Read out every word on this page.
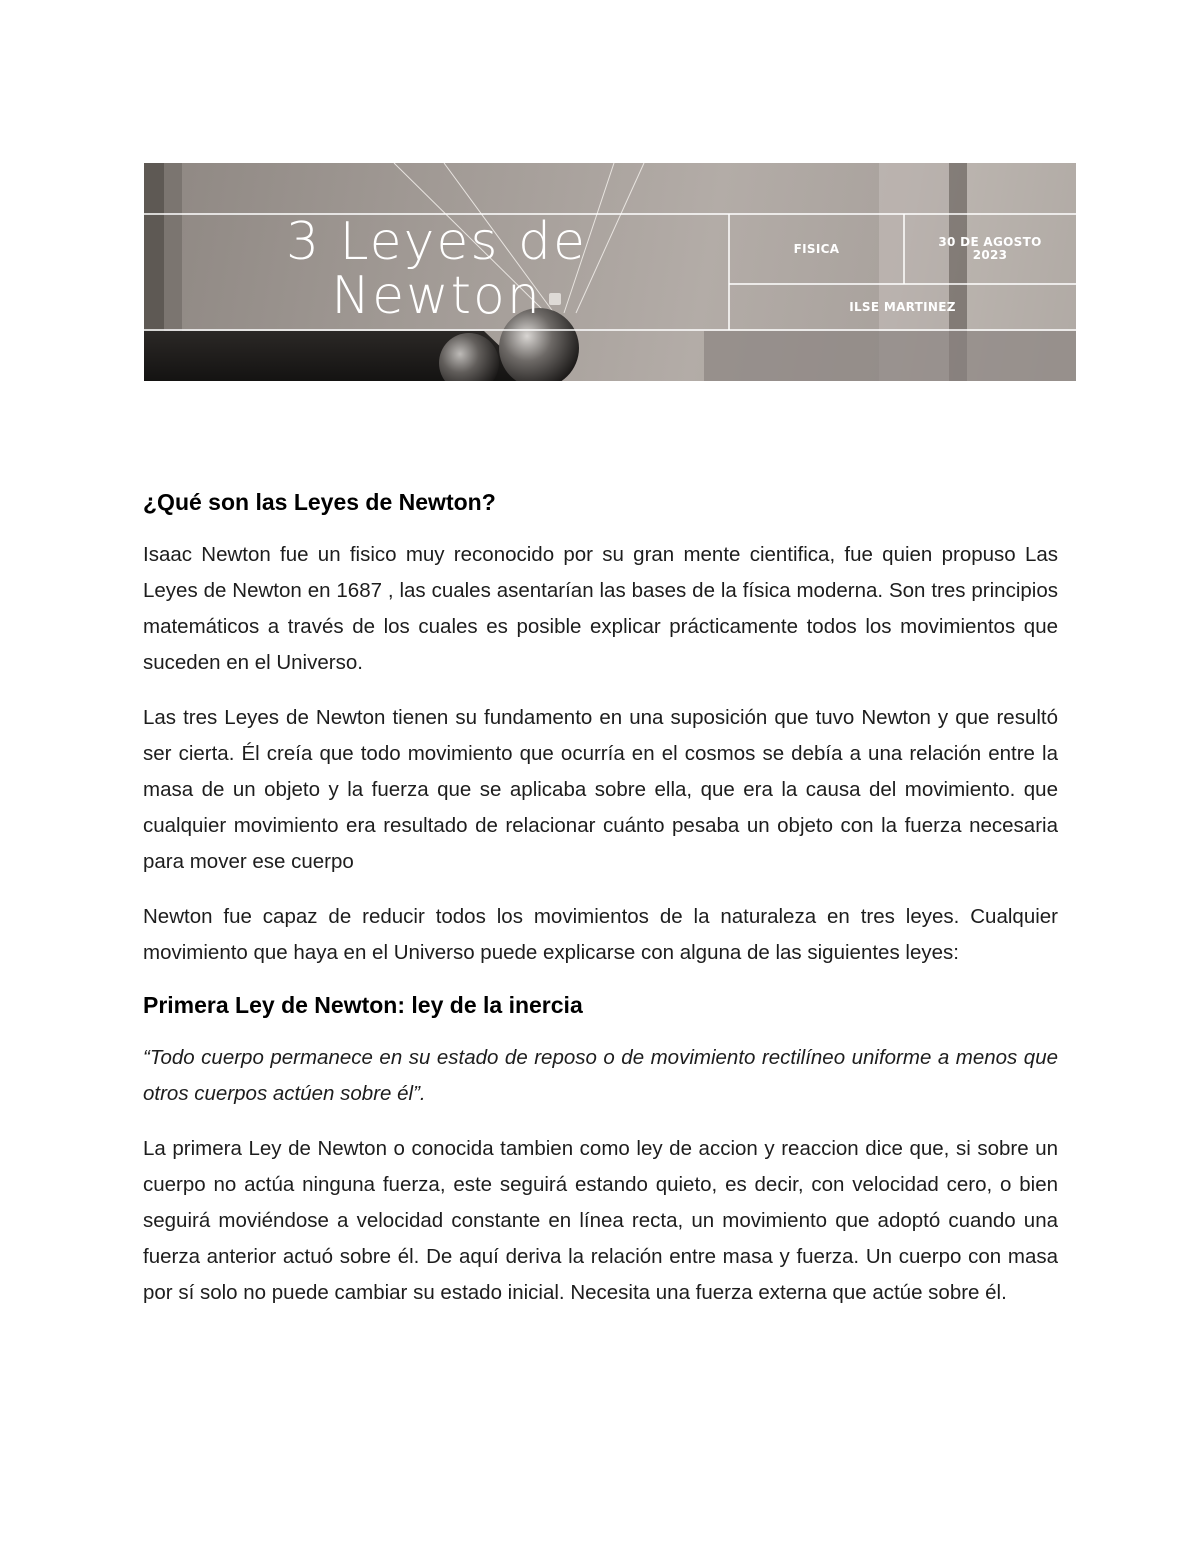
3 Leyes de
Newton
FISICA	30 DE AGOSTO
2023
ILSE MARTINEZ
¿Qué son las Leyes de Newton?

Isaac Newton fue un fisico muy reconocido por su gran mente cientifica, fue quien propuso Las Leyes de Newton en 1687 , las cuales asentarían las bases de la física moderna. Son tres principios matemáticos a través de los cuales es posible explicar prácticamente todos los movimientos que suceden en el Universo.

Las tres Leyes de Newton tienen su fundamento en una suposición que tuvo Newton y que resultó ser cierta. Él creía que todo movimiento que ocurría en el cosmos se debía a una relación entre la masa de un objeto y la fuerza que se aplicaba sobre ella, que era la causa del movimiento. que cualquier movimiento era resultado de relacionar cuánto pesaba un objeto con la fuerza necesaria para mover ese cuerpo

Newton fue capaz de reducir todos los movimientos de la naturaleza en tres leyes. Cualquier movimiento que haya en el Universo puede explicarse con alguna de las siguientes leyes:

Primera Ley de Newton: ley de la inercia

“Todo cuerpo permanece en su estado de reposo o de movimiento rectilíneo uniforme a menos que otros cuerpos actúen sobre él”.

La primera Ley de Newton o conocida tambien como ley de accion y reaccion dice que, si sobre un cuerpo no actúa ninguna fuerza, este seguirá estando quieto, es decir, con velocidad cero, o bien seguirá moviéndose a velocidad constante en línea recta, un movimiento que adoptó cuando una fuerza anterior actuó sobre él. De aquí deriva la relación entre masa y fuerza. Un cuerpo con masa por sí solo no puede cambiar su estado inicial. Necesita una fuerza externa que actúe sobre él.
